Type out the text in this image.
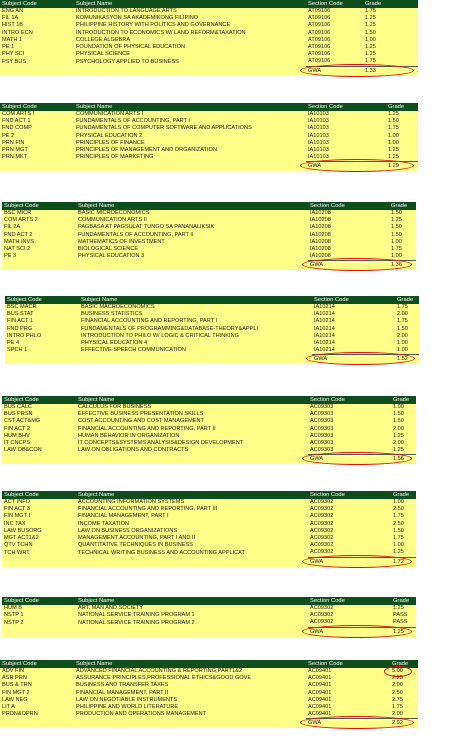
Subject Code	Subject Name	Section Code	Grade
ENG AN	INTRODUCTION TO LANGUAGE ARTS	AT09106	1.75
FIL 1A	KOMUNIKASYON SA AKADEMIKONG FILIPINO	AT09106	1.25
HIST 1B	PHILIPPINE HISTORY WITH POLITICS AND GOVERNANCE	AT09106	1.25
INTRO ECN	INTRODUCTION TO ECONOMICS W/ LAND REFORM&TAXATION	AT09106	1.50
MATH 1	COLLEGE ALGEBRA	AT09106	1.00
PE 1	FOUNDATION OF PHYSICAL EDUCATION	AT09106	1.25
PHY SCI	PHYSICAL SCIENCE	AT09106	1.25
PSY BUS	PSYCHOLOGY APPLIED TO BUSINESS	AT09106	1.75
		GWA	1.33
Subject Code	Subject Name	Section Code	Grade
COM ARTS I	COMMUNICATION ARTS I	IA10103	1.25
FND ACT 1	FUNDAMENTALS OF ACCOUNTING, PART I	IA10103	1.50
FND COMP	FUNDAMENTALS OF COMPUTER SOFTWARE AND APPLICATIONS	IA10103	1.75
PE 2	PHYSICAL EDUCATION 2	IA10103	1.00
PRN FIN	PRINCIPLES OF FINANCE	IA10103	1.00
PRN MGT	PRINCIPLES OF MANAGEMENT AND ORGANIZATION	IA10103	1.25
PRN MKT	PRINCIPLES OF MARKETING	IA10103	1.25
		GWA	1.29
Subject Code	Subject Name	Section Code	Grade
BSC MICR	BASIC MICROECONOMICS	IA10208	1.50
COM ARTS 2	COMMUNICATION ARTS II	IA10208	1.25
FIL 2A	PAGBASA AT PAGSULAT TUNGO SA PANANALIKSIK	IA10208	1.50
FND ACT 2	FUNDAMENTALS OF ACCOUNTING, PART II	IA10208	1.50
MATH INVS	MATHEMATICS OF INVESTMENT	IA10208	1.00
NAT SCI 2	BIOLOGICAL SCIENCE	IA10208	1.75
PE 3	PHYSICAL EDUCATION 3	IA10208	1.00
		GWA	1.36
Subject Code	Subject Name	Section Code	Grade
BSC MACR	BASIC MACROECONOMICS	IA10214	1.75
BUS STAT	BUSINESS STATISTICS	IA10214	2.00
FIN ACT 1	FINANCIAL ACCOUNTING AND REPORTING, PART I	IA10214	1.75
FND PRG	FUNDAMENTALS OF PROGRAMMING&DATABASE-THEORY&APPLI	IA10214	1.50
INTRO PHLO	INTRODUCTION TO PHILO W/ LOGIC & CRITICAL THINKING	IA10214	2.00
PE 4	PHYSICAL EDUCATION 4	IA10214	1.00
SPCH 1	EFFECTIVE SPEECH COMMUNICATION	IA10214	1.00
		GWA	1.52
Subject Code	Subject Name	Section Code	Grade
BUS CALC	CALCULUS FOR BUSINESS	AC09303	1.00
BUS PRSN	EFFECTIVE BUSINESS PRESENTATION SKILLS	AC09303	1.50
CST ACT&MG	COST ACCOUNTING AND COST MANAGEMENT	AC09303	1.50
FIN ACT 2	FINANCIAL ACCOUNTING AND REPORTING, PART II	AC09303	2.00
HUM BHV	HUMAN BEHAVIOR IN ORGANIZATION	AC09303	1.25
IT CNCPS	IT CONCEPTS&SYSTEMS ANALYSIS&DESIGN DEVELOPMENT	AC09303	2.00
LAW OB&CON	LAW ON OBLIGATIONS AND CONTRACTS	AC09303	1.25
		GWA	1.56
Subject Code	Subject Name	Section Code	Grade
ACT INFO	ACCOUNTING INFORMATION SYSTEMS	AC09302	1.00
FIN ACT 3	FINANCIAL ACCOUNTING AND REPORTING, PART III	AC09302	2.50
FIN MGT I	FINANCIAL MANAGEMENT, PART I	AC09302	1.75
INC TAX	INCOME TAXATION	AC09302	2.50
LAW BUSORG	LAW ON BUSINESS ORGANIZATIONS	AC09302	1.50
MGT ACT1&2	MANAGEMENT ACCOUNTING, PART I AND II	AC09302	1.75
QTV TCHN	QUANTITATIVE TECHNIQUES IN BUSINESS	AC09302	1.00
TCH WRT	TECHNICAL WRITING BUSINESS AND ACCOUNTING APPLICAT	AC09302	1.25
		GWA	1.72
Subject Code	Subject Name	Section Code	Grade
HUM B	ART, MAN AND SOCIETY	AC09302	1.25
NSTP 1	NATIONAL SERVICE TRAINING PROGRAM 1	AC09302	PASS
NSTP 2	NATIONAL SERVICE TRAINING PROGRAM 2	AC09302	PASS
		GWA	1.25
Subject Code	Subject Name	Section Code	Grade
ADV FIN	ADVANCED FINANCIAL ACCOUNTING & REPORTING,PART1&2	AC09401	5.00
ASR PRN	ASSURANCE PRINCIPLES,PROFESSIONAL ETHICS&GOOD GOVE	AC09401	2.25
BUS & TRN	BUSINESS AND TRANSFER TAXES	AC09401	2.00
FIN MGT 2	FINANCIAL MANAGEMENT, PART II	AC09401	2.50
LAW NEG	LAW ON NEGOTIABLE INSTRUMENTS	AC09401	2.75
LIT A	PHILIPPINE AND WORLD LITERATURE	AC09401	1.75
PRDN&OPRN	PRODUCTION AND OPERATIONS MANAGEMENT	AC09401	2.00
		GWA	2.92
